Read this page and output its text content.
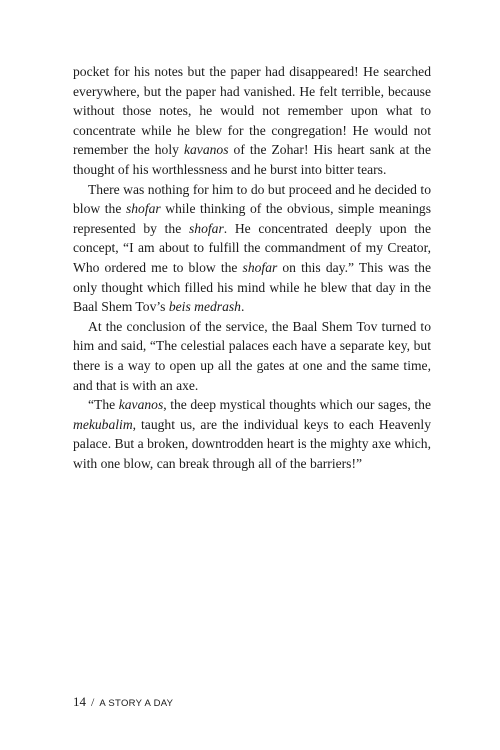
pocket for his notes but the paper had disappeared! He searched everywhere, but the paper had vanished. He felt terrible, because without those notes, he would not remember upon what to concentrate while he blew for the congregation! He would not remember the holy kavanos of the Zohar! His heart sank at the thought of his worthlessness and he burst into bitter tears.

There was nothing for him to do but proceed and he decided to blow the shofar while thinking of the obvious, simple meanings represented by the shofar. He concentrated deeply upon the concept, “I am about to fulfill the commandment of my Creator, Who ordered me to blow the shofar on this day.” This was the only thought which filled his mind while he blew that day in the Baal Shem Tov’s beis medrash.

At the conclusion of the service, the Baal Shem Tov turned to him and said, “The celestial palaces each have a separate key, but there is a way to open up all the gates at one and the same time, and that is with an axe.

“The kavanos, the deep mystical thoughts which our sages, the mekubalim, taught us, are the individual keys to each Heavenly palace. But a broken, downtrodden heart is the mighty axe which, with one blow, can break through all of the barriers!”

14 / A STORY A DAY
